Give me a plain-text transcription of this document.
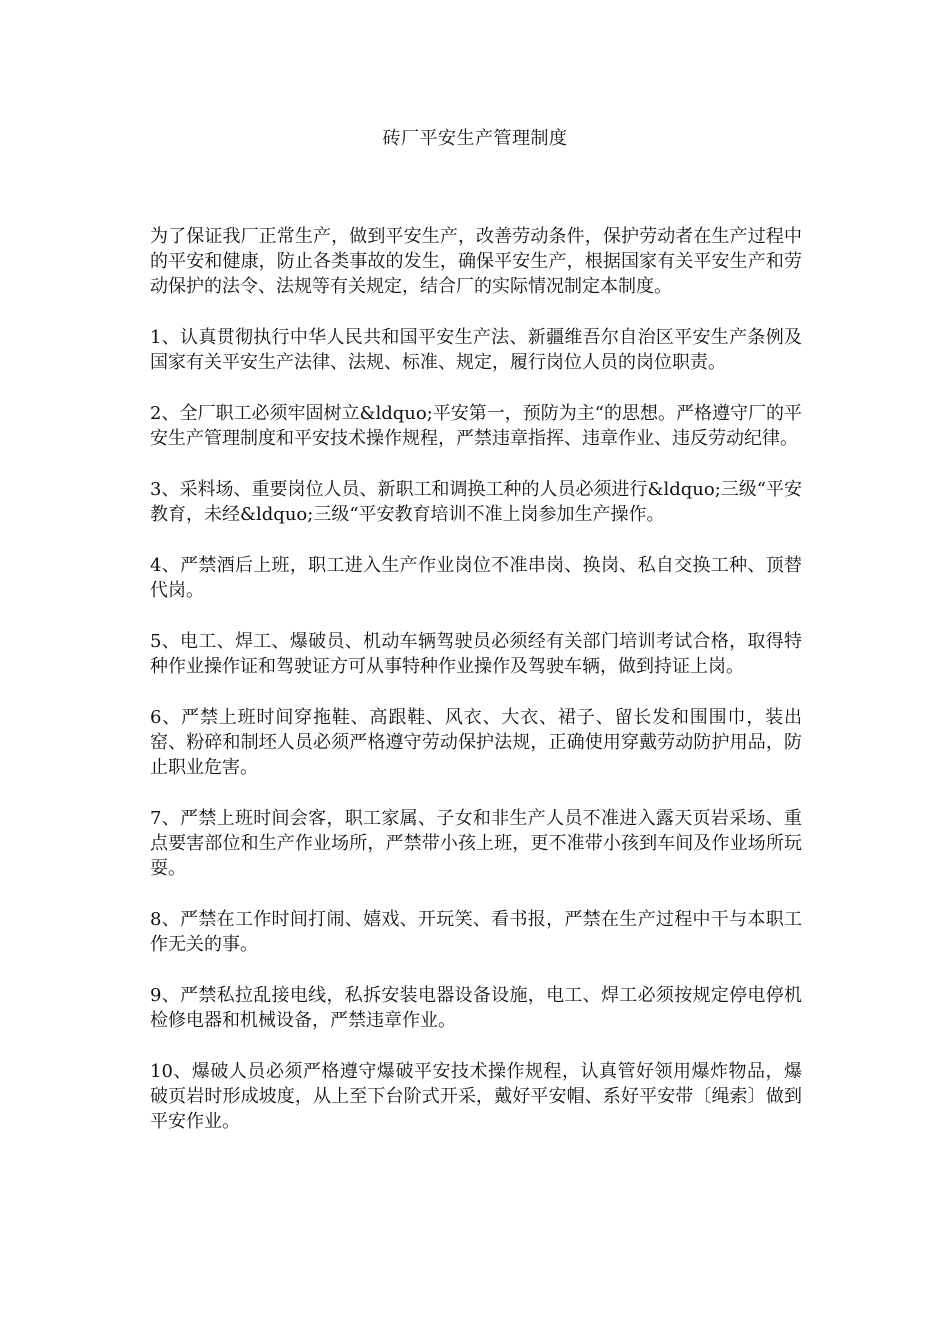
砖厂平安生产管理制度

为了保证我厂正常生产，做到平安生产，改善劳动条件，保护劳动者在生产过程中的平安和健康，防止各类事故的发生，确保平安生产，根据国家有关平安生产和劳动保护的法令、法规等有关规定，结合厂的实际情况制定本制度。

1、认真贯彻执行中华人民共和国平安生产法、新疆维吾尔自治区平安生产条例及国家有关平安生产法律、法规、标准、规定，履行岗位人员的岗位职责。

2、全厂职工必须牢固树立&ldquo;平安第一，预防为主“的思想。严格遵守厂的平安生产管理制度和平安技术操作规程，严禁违章指挥、违章作业、违反劳动纪律。

3、采料场、重要岗位人员、新职工和调换工种的人员必须进行&ldquo;三级“平安教育，未经&ldquo;三级“平安教育培训不准上岗参加生产操作。

4、严禁酒后上班，职工进入生产作业岗位不准串岗、换岗、私自交换工种、顶替代岗。

5、电工、焊工、爆破员、机动车辆驾驶员必须经有关部门培训考试合格，取得特种作业操作证和驾驶证方可从事特种作业操作及驾驶车辆，做到持证上岗。

6、严禁上班时间穿拖鞋、高跟鞋、风衣、大衣、裙子、留长发和围围巾，装出窑、粉碎和制坯人员必须严格遵守劳动保护法规，正确使用穿戴劳动防护用品，防止职业危害。

7、严禁上班时间会客，职工家属、子女和非生产人员不准进入露天页岩采场、重点要害部位和生产作业场所，严禁带小孩上班，更不准带小孩到车间及作业场所玩耍。

8、严禁在工作时间打闹、嬉戏、开玩笑、看书报，严禁在生产过程中干与本职工作无关的事。

9、严禁私拉乱接电线，私拆安装电器设备设施，电工、焊工必须按规定停电停机检修电器和机械设备，严禁违章作业。

10、爆破人员必须严格遵守爆破平安技术操作规程，认真管好领用爆炸物品，爆破页岩时形成坡度，从上至下台阶式开采，戴好平安帽、系好平安带〔绳索〕做到平安作业。
